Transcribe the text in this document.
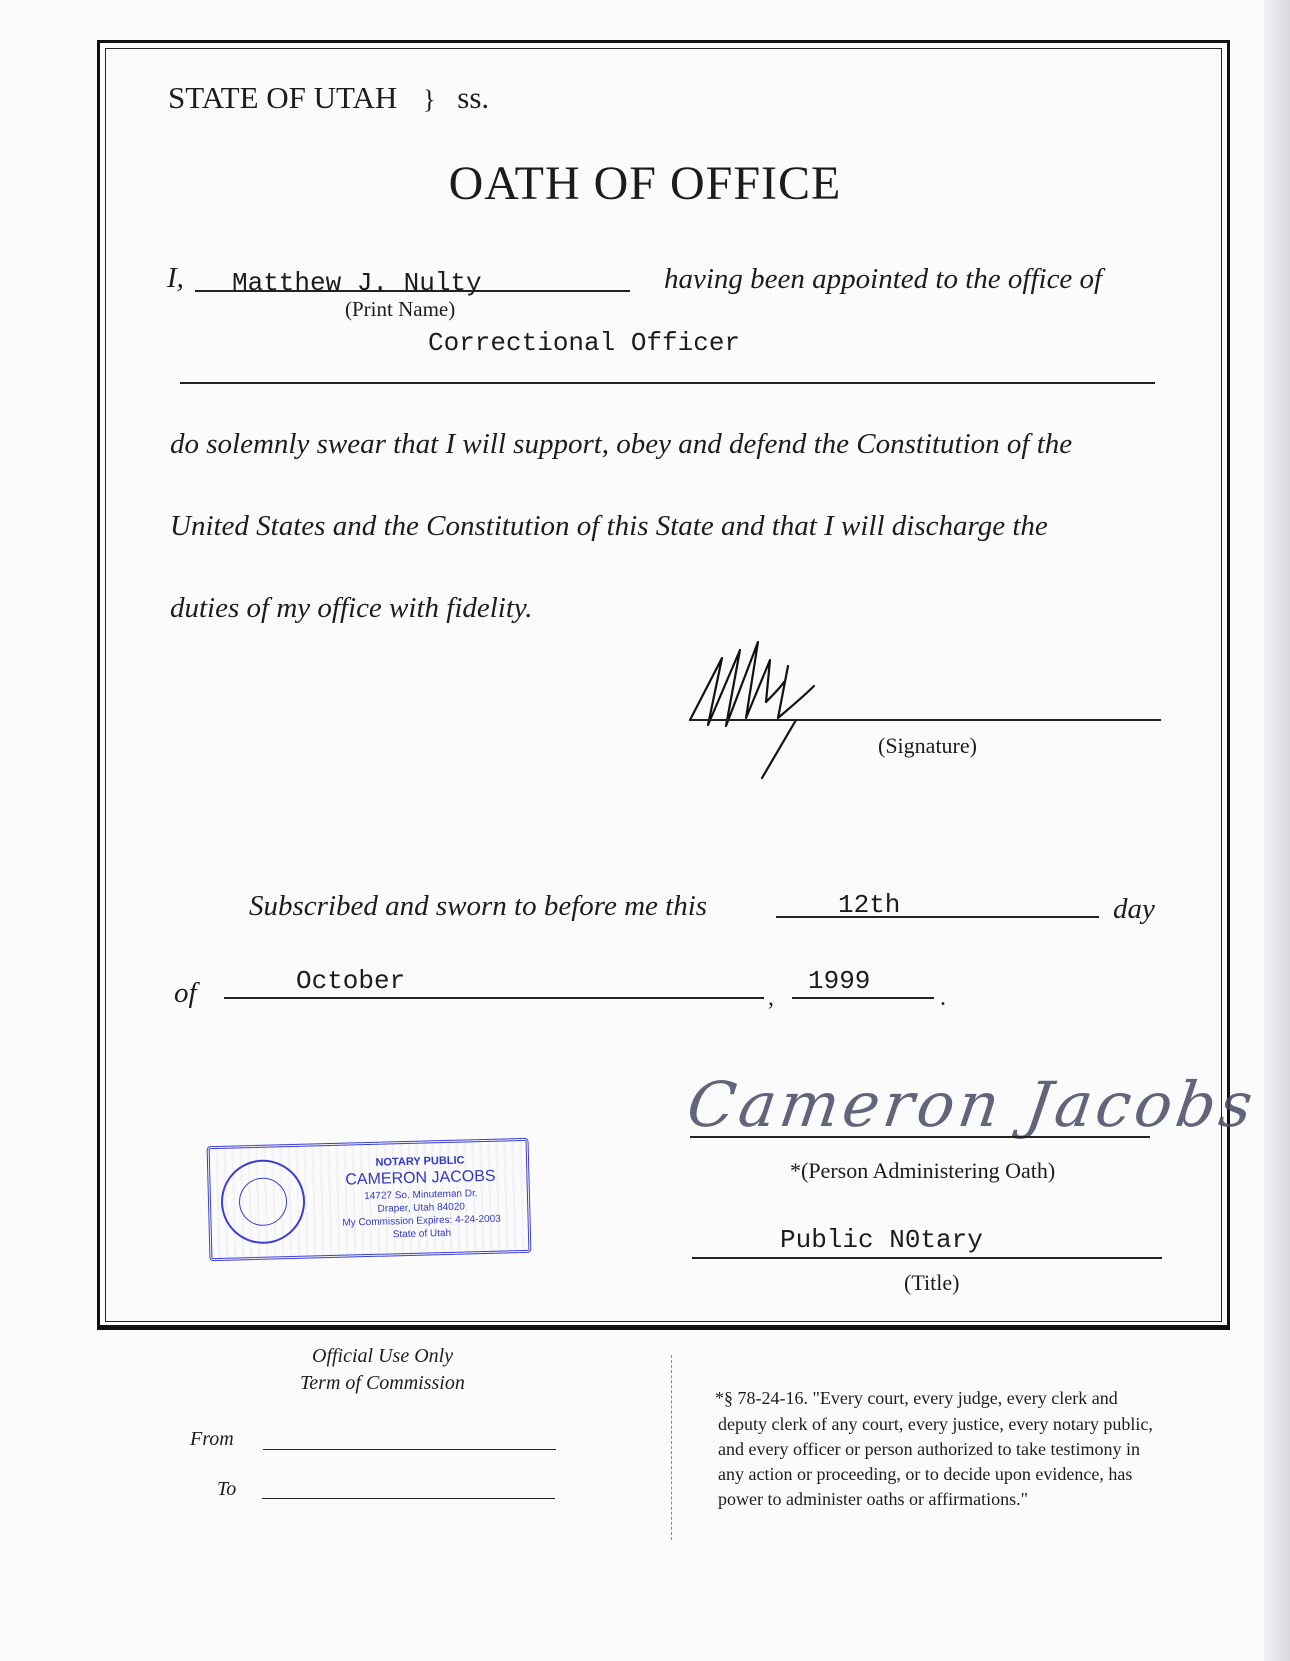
STATE OF UTAH } ss.
OATH OF OFFICE
I, Matthew J. Nulty
(Print Name)
having been appointed to the office of
Correctional Officer
do solemnly swear that I will support, obey and defend the Constitution of the
United States and the Constitution of this State and that I will discharge the
duties of my office with fidelity.
(Signature)
Subscribed and sworn to before me this	12th	day
of	October
,
1999
.
Cameron Jacobs
*(Person Administering Oath)
Public N0tary
(Title)
NOTARY PUBLIC
CAMERON JACOBS
14727 So. Minuteman Dr.
Draper, Utah 84020
My Commission Expires: 4-24-2003
State of Utah
Official Use Only
Term of Commission
From
To
*§ 78-24-16. "Every court, every judge, every clerk and
deputy clerk of any court, every justice, every notary public,
and every officer or person authorized to take testimony in
any action or proceeding, or to decide upon evidence, has
power to administer oaths or affirmations."
